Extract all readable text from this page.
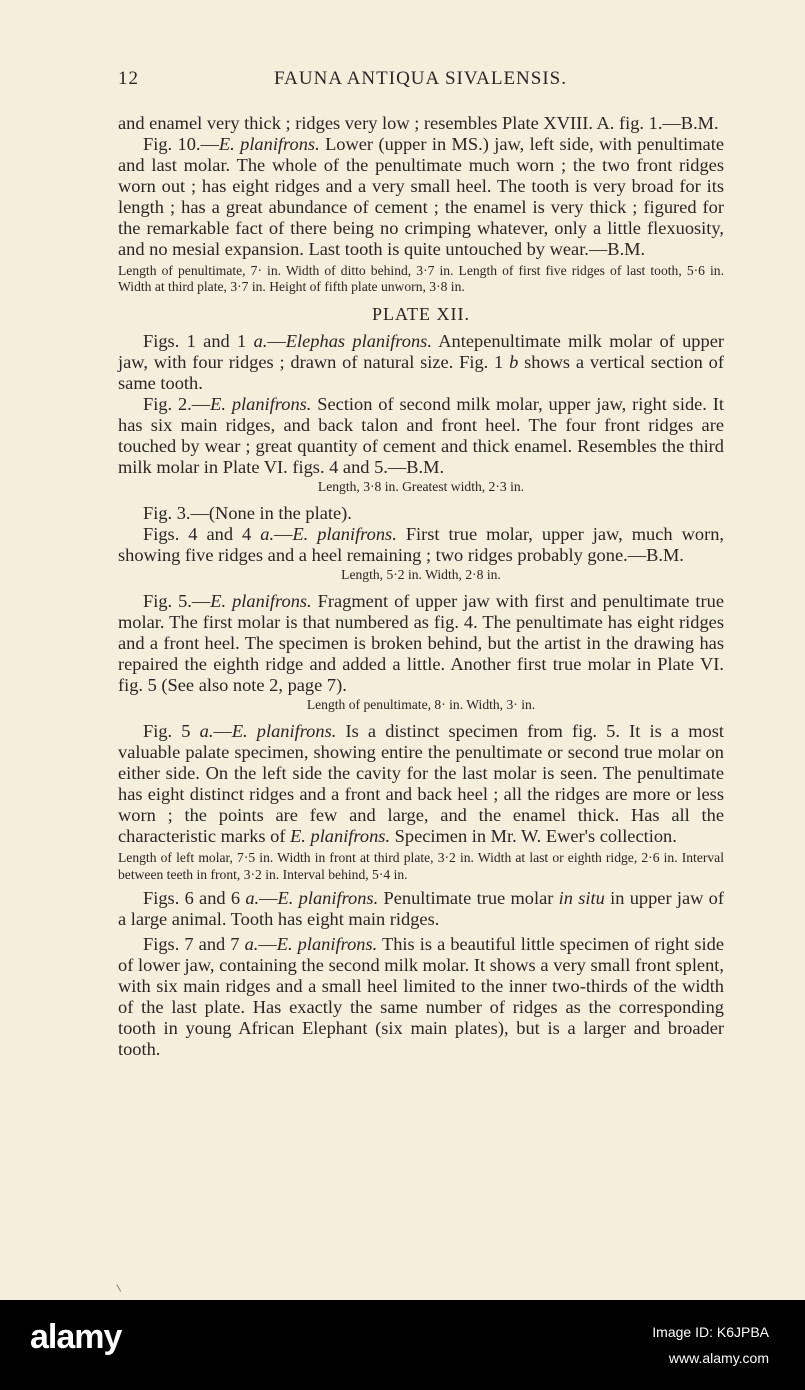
12	FAUNA ANTIQUA SIVALENSIS.

and enamel very thick ; ridges very low ; resembles Plate XVIII. A. fig. 1.—B.M.

Fig. 10.—E. planifrons. Lower (upper in MS.) jaw, left side, with penultimate and last molar. The whole of the penultimate much worn ; the two front ridges worn out ; has eight ridges and a very small heel. The tooth is very broad for its length ; has a great abundance of cement ; the enamel is very thick ; figured for the remarkable fact of there being no crimping whatever, only a little flexuosity, and no mesial expansion. Last tooth is quite untouched by wear.—B.M.

Length of penultimate, 7· in. Width of ditto behind, 3·7 in. Length of first five ridges of last tooth, 5·6 in. Width at third plate, 3·7 in. Height of fifth plate unworn, 3·8 in.

PLATE XII.

Figs. 1 and 1 a.—Elephas planifrons. Antepenultimate milk molar of upper jaw, with four ridges ; drawn of natural size. Fig. 1 b shows a vertical section of same tooth.

Fig. 2.—E. planifrons. Section of second milk molar, upper jaw, right side. It has six main ridges, and back talon and front heel. The four front ridges are touched by wear ; great quantity of cement and thick enamel. Resembles the third milk molar in Plate VI. figs. 4 and 5.—B.M.

Length, 3·8 in. Greatest width, 2·3 in.

Fig. 3.—(None in the plate).

Figs. 4 and 4 a.—E. planifrons. First true molar, upper jaw, much worn, showing five ridges and a heel remaining ; two ridges probably gone.—B.M.

Length, 5·2 in. Width, 2·8 in.

Fig. 5.—E. planifrons. Fragment of upper jaw with first and penultimate true molar. The first molar is that numbered as fig. 4. The penultimate has eight ridges and a front heel. The specimen is broken behind, but the artist in the drawing has repaired the eighth ridge and added a little. Another first true molar in Plate VI. fig. 5 (See also note 2, page 7).

Length of penultimate, 8· in. Width, 3· in.

Fig. 5 a.—E. planifrons. Is a distinct specimen from fig. 5. It is a most valuable palate specimen, showing entire the penultimate or second true molar on either side. On the left side the cavity for the last molar is seen. The penultimate has eight distinct ridges and a front and back heel ; all the ridges are more or less worn ; the points are few and large, and the enamel thick. Has all the characteristic marks of E. planifrons. Specimen in Mr. W. Ewer's collection.

Length of left molar, 7·5 in. Width in front at third plate, 3·2 in. Width at last or eighth ridge, 2·6 in. Interval between teeth in front, 3·2 in. Interval behind, 5·4 in.

Figs. 6 and 6 a.—E. planifrons. Penultimate true molar in situ in upper jaw of a large animal. Tooth has eight main ridges.

Figs. 7 and 7 a.—E. planifrons. This is a beautiful little specimen of right side of lower jaw, containing the second milk molar. It shows a very small front splent, with six main ridges and a small heel limited to the inner two-thirds of the width of the last plate. Has exactly the same number of ridges as the corresponding tooth in young African Elephant (six main plates), but is a larger and broader tooth.

alamy	Image ID: K6JPBA
www.alamy.com
